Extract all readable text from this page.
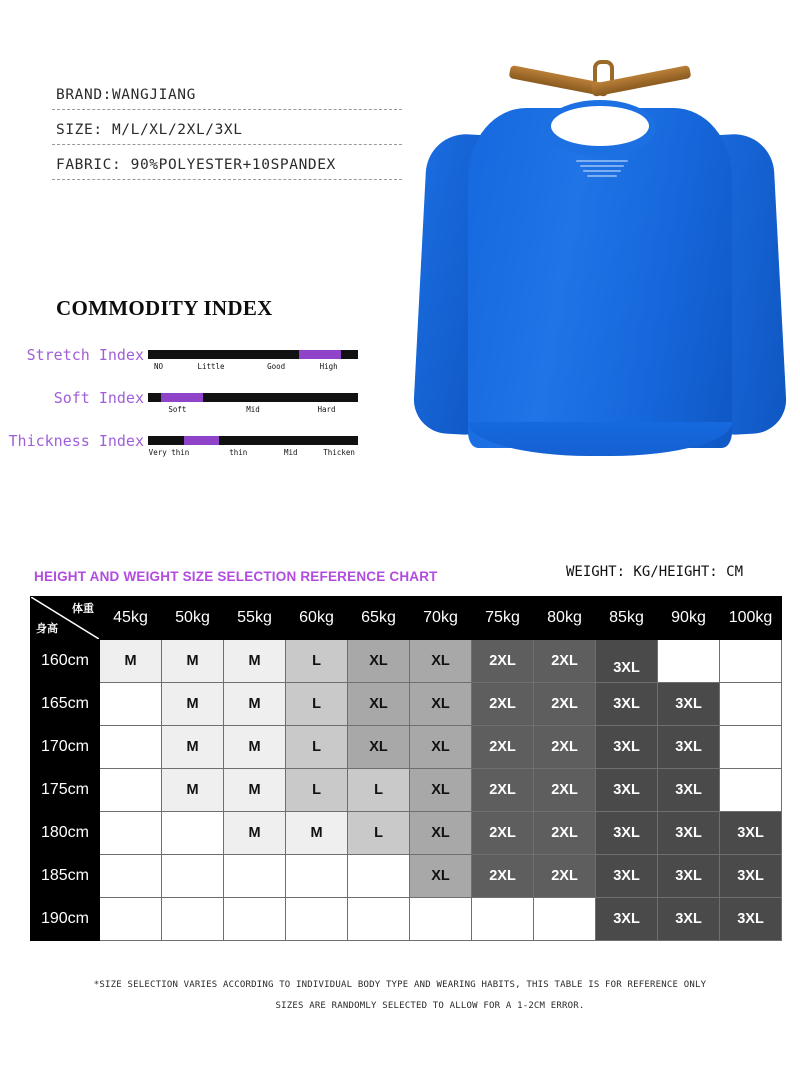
BRAND:WANGJIANG
SIZE: M/L/XL/2XL/3XL
FABRIC: 90%POLYESTER+10SPANDEX
COMMODITY INDEX
Stretch Index
NO	Little	Good	High
Soft Index
Soft	Mid	Hard
Thickness Index
Very thin	thin	Mid	Thicken
HEIGHT AND WEIGHT SIZE SELECTION REFERENCE CHART	WEIGHT: KG/HEIGHT: CM
体重
身高	45kg	50kg	55kg	60kg	65kg	70kg	75kg	80kg	85kg	90kg	100kg
160cm	M	M	M	L	XL	XL	2XL	2XL	3XL		
165cm		M	M	L	XL	XL	2XL	2XL	3XL	3XL	
170cm		M	M	L	XL	XL	2XL	2XL	3XL	3XL	
175cm		M	M	L	L	XL	2XL	2XL	3XL	3XL	
180cm			M	M	L	XL	2XL	2XL	3XL	3XL	3XL
185cm						XL	2XL	2XL	3XL	3XL	3XL
190cm									3XL	3XL	3XL
*SIZE SELECTION VARIES ACCORDING TO INDIVIDUAL BODY TYPE AND WEARING HABITS, THIS TABLE IS FOR REFERENCE ONLY
SIZES ARE RANDOMLY SELECTED TO ALLOW FOR A 1-2CM ERROR.
